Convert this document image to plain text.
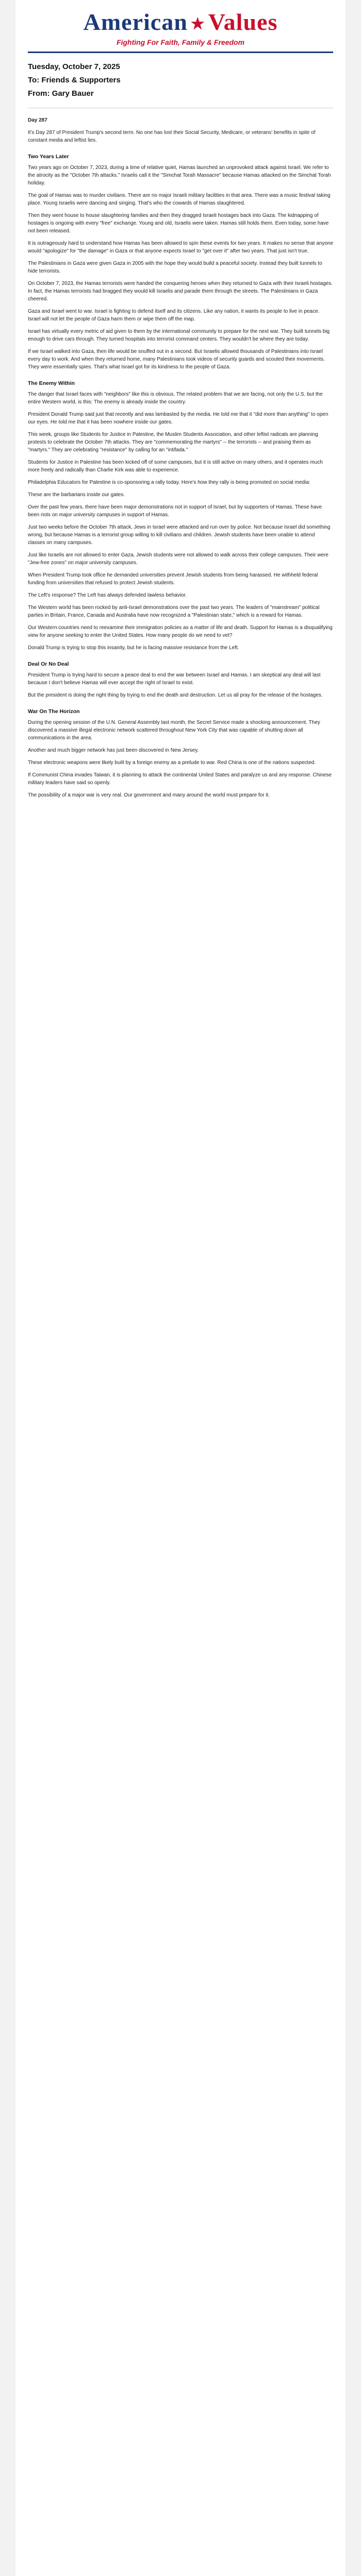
American ★ Values
Fighting For Faith, Family & Freedom

Tuesday, October 7, 2025

To: Friends & Supporters

From: Gary Bauer

Day 287

It's Day 287 of President Trump's second term. No one has lost their Social Security, Medicare, or veterans' benefits in spite of constant media and leftist lies.

Two Years Later

Two years ago on October 7, 2023, during a time of relative quiet, Hamas launched an unprovoked attack against Israel. We refer to the atrocity as the "October 7th attacks." Israelis call it the "Simchat Torah Massacre" because Hamas attacked on the Simchat Torah holiday.

The goal of Hamas was to murder civilians. There are no major Israeli military facilities in that area. There was a music festival taking place. Young Israelis were dancing and singing. That's who the cowards of Hamas slaughtered.

Then they went house to house slaughtering families and then they dragged Israeli hostages back into Gaza. The kidnapping of hostages is ongoing with every "free" exchange. Young and old, Israelis were taken. Hamas still holds them. Even today, some have not been released.

It is outrageously hard to understand how Hamas has been allowed to spin these events for two years. It makes no sense that anyone would "apologize" for "the damage" in Gaza or that anyone expects Israel to "get over it" after two years. That just isn't true.

The Palestinians in Gaza were given Gaza in 2005 with the hope they would build a peaceful society. Instead they built tunnels to hide terrorists.

On October 7, 2023, the Hamas terrorists were handed the conquering heroes when they returned to Gaza with their Israeli hostages. In fact, the Hamas terrorists had bragged they would kill Israelis and parade them through the streets. The Palestinians in Gaza cheered.

Gaza and Israel went to war. Israel is fighting to defend itself and its citizens. Like any nation, it wants its people to live in peace. Israel will not let the people of Gaza harm them or wipe them off the map.

Israel has virtually every metric of aid given to them by the international community to prepare for the next war. They built tunnels big enough to drive cars through. They turned hospitals into terrorist command centers. They wouldn't be where they are today.

If we Israel walked into Gaza, then life would be snuffed out in a second. But Israelis allowed thousands of Palestinians into Israel every day to work. And when they returned home, many Palestinians took videos of security guards and scouted their movements. They were essentially spies. That's what Israel got for its kindness to the people of Gaza.

The Enemy Within

The danger that Israel faces with "neighbors" like this is obvious. The related problem that we are facing, not only the U.S. but the entire Western world, is this: The enemy is already inside the country.

President Donald Trump said just that recently and was lambasted by the media. He told me that it "did more than anything" to open our eyes. He told me that it has been nowhere inside our gates.

This week, groups like Students for Justice in Palestine, the Muslim Students Association, and other leftist radicals are planning protests to celebrate the October 7th attacks. They are "commemorating the martyrs" -- the terrorists -- and praising them as "martyrs." They are celebrating "resistance" by calling for an "intifada."

Students for Justice in Palestine has been kicked off of some campuses, but it is still active on many others, and it operates much more freely and radically than Charlie Kirk was able to experience.

Philadelphia Educators for Palestine is co-sponsoring a rally today. Here's how they rally is being promoted on social media:

These are the barbarians inside our gates.

Over the past few years, there have been major demonstrations not in support of Israel, but by supporters of Hamas. These have been riots on major university campuses in support of Hamas.

Just two weeks before the October 7th attack, Jews in Israel were attacked and run over by police. Not because Israel did something wrong, but because Hamas is a terrorist group willing to kill civilians and children. Jewish students have been unable to attend classes on many campuses.

Just like Israelis are not allowed to enter Gaza, Jewish students were not allowed to walk across their college campuses. Their were "Jew-free zones" on major university campuses.

When President Trump took office he demanded universities prevent Jewish students from being harassed. He withheld federal funding from universities that refused to protect Jewish students.

The Left's response? The Left has always defended lawless behavior.

The Western world has been rocked by anti-Israel demonstrations over the past two years. The leaders of "mainstream" political parties in Britain, France, Canada and Australia have now recognized a "Palestinian state," which is a reward for Hamas.

Our Western countries need to reexamine their immigration policies as a matter of life and death. Support for Hamas is a disqualifying view for anyone seeking to enter the United States. How many people do we need to vet?

Donald Trump is trying to stop this insanity, but he is facing massive resistance from the Left.

Deal Or No Deal

President Trump is trying hard to secure a peace deal to end the war between Israel and Hamas. I am skeptical any deal will last because I don't believe Hamas will ever accept the right of Israel to exist.

But the president is doing the right thing by trying to end the death and destruction. Let us all pray for the release of the hostages.

War On The Horizon

During the opening session of the U.N. General Assembly last month, the Secret Service made a shocking announcement. They discovered a massive illegal electronic network scattered throughout New York City that was capable of shutting down all communications in the area.

Another and much bigger network has just been discovered in New Jersey.

These electronic weapons were likely built by a foreign enemy as a prelude to war. Red China is one of the nations suspected.

If Communist China invades Taiwan, it is planning to attack the continental United States and paralyze us and any response. Chinese military leaders have said so openly.

The possibility of a major war is very real. Our government and many around the world must prepare for it.
